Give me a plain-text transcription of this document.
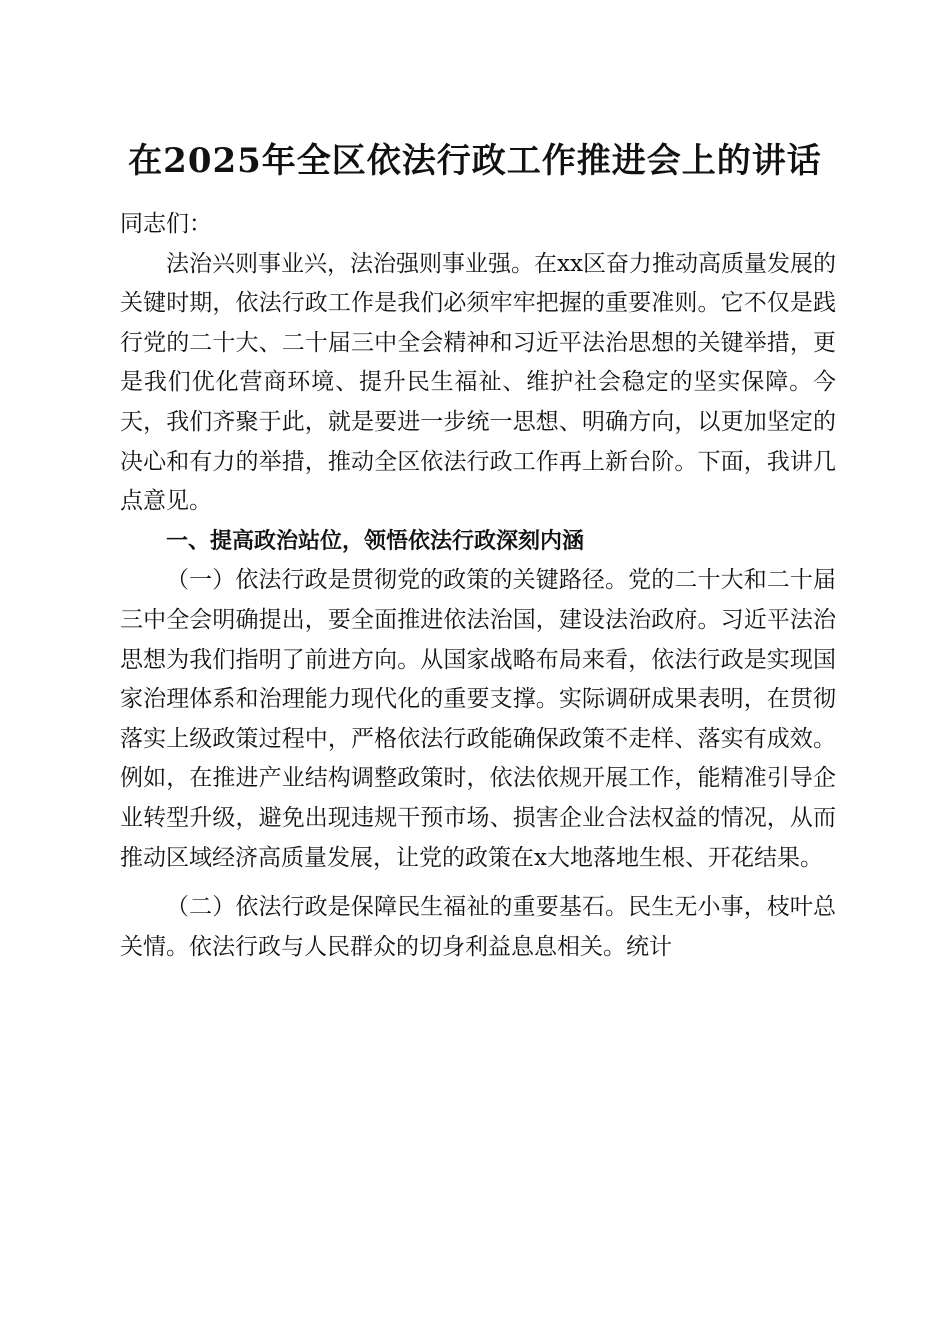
在2025年全区依法行政工作推进会上的讲话

同志们：

法治兴则事业兴，法治强则事业强。在xx区奋力推动高质量发展的关键时期，依法行政工作是我们必须牢牢把握的重要准则。它不仅是践行党的二十大、二十届三中全会精神和习近平法治思想的关键举措，更是我们优化营商环境、提升民生福祉、维护社会稳定的坚实保障。今天，我们齐聚于此，就是要进一步统一思想、明确方向，以更加坚定的决心和有力的举措，推动全区依法行政工作再上新台阶。下面，我讲几点意见。

一、提高政治站位，领悟依法行政深刻内涵

（一）依法行政是贯彻党的政策的关键路径。党的二十大和二十届三中全会明确提出，要全面推进依法治国，建设法治政府。习近平法治思想为我们指明了前进方向。从国家战略布局来看，依法行政是实现国家治理体系和治理能力现代化的重要支撑。实际调研成果表明，在贯彻落实上级政策过程中，严格依法行政能确保政策不走样、落实有成效。例如，在推进产业结构调整政策时，依法依规开展工作，能精准引导企业转型升级，避免出现违规干预市场、损害企业合法权益的情况，从而推动区域经济高质量发展，让党的政策在x大地落地生根、开花结果。

（二）依法行政是保障民生福祉的重要基石。民生无小事，枝叶总关情。依法行政与人民群众的切身利益息息相关。统计
